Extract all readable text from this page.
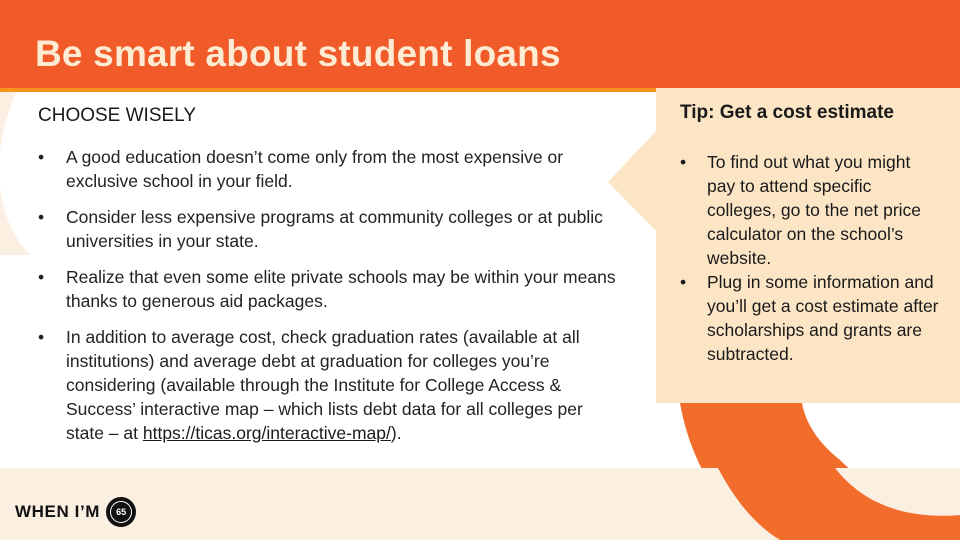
Be smart about student loans
WHEN I’M	65
CHOOSE WISELY
• A good education doesn’t come only from the most expensive or exclusive school in your field.
• Consider less expensive programs at community colleges or at public universities in your state.
• Realize that even some elite private schools may be within your means thanks to generous aid packages.
• In addition to average cost, check graduation rates (available at all institutions) and average debt at graduation for colleges you’re considering (available through the Institute for College Access & Success’ interactive map – which lists debt data for all colleges per state – at https://ticas.org/interactive-map/).
Tip: Get a cost estimate
• To find out what you might pay to attend specific colleges, go to the net price calculator on the school’s website.
• Plug in some information and you’ll get a cost estimate after scholarships and grants are subtracted.
